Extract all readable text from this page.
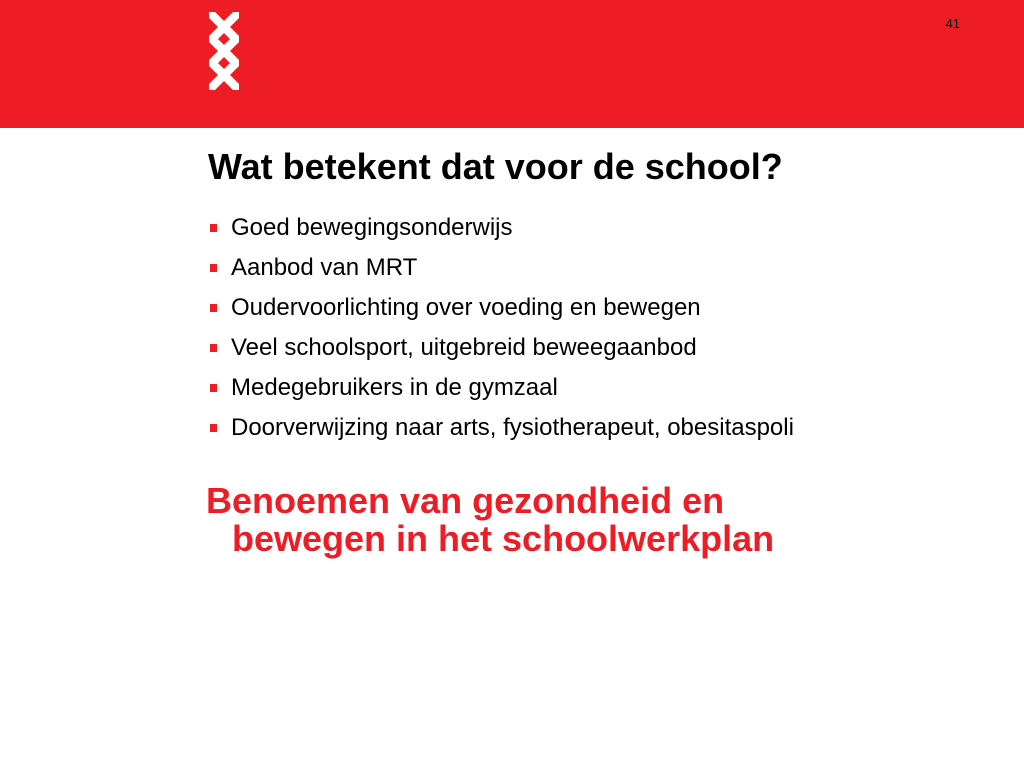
41
Wat betekent dat voor de school?
Goed bewegingsonderwijs
Aanbod van MRT
Oudervoorlichting over voeding en bewegen
Veel schoolsport, uitgebreid beweegaanbod
Medegebruikers in de gymzaal
Doorverwijzing naar arts, fysiotherapeut, obesitaspoli

Benoemen van gezondheid en
bewegen in het schoolwerkplan
